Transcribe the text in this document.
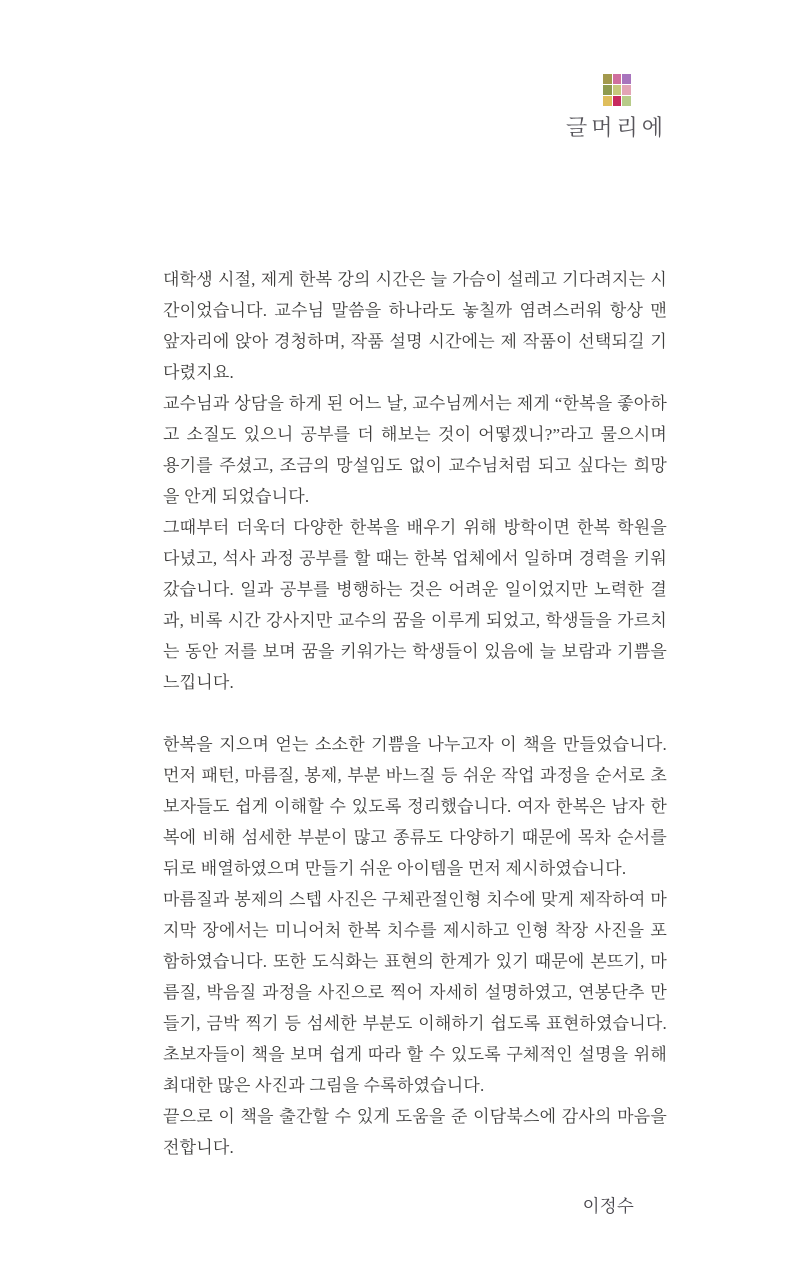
글머리에

대학생 시절, 제게 한복 강의 시간은 늘 가슴이 설레고 기다려지는 시간이었습니다. 교수님 말씀을 하나라도 놓칠까 염려스러워 항상 맨 앞자리에 앉아 경청하며, 작품 설명 시간에는 제 작품이 선택되길 기다렸지요.

교수님과 상담을 하게 된 어느 날, 교수님께서는 제게 “한복을 좋아하고 소질도 있으니 공부를 더 해보는 것이 어떻겠니?”라고 물으시며 용기를 주셨고, 조금의 망설임도 없이 교수님처럼 되고 싶다는 희망을 안게 되었습니다.

그때부터 더욱더 다양한 한복을 배우기 위해 방학이면 한복 학원을 다녔고, 석사 과정 공부를 할 때는 한복 업체에서 일하며 경력을 키워갔습니다. 일과 공부를 병행하는 것은 어려운 일이었지만 노력한 결과, 비록 시간 강사지만 교수의 꿈을 이루게 되었고, 학생들을 가르치는 동안 저를 보며 꿈을 키워가는 학생들이 있음에 늘 보람과 기쁨을 느낍니다.

한복을 지으며 얻는 소소한 기쁨을 나누고자 이 책을 만들었습니다. 먼저 패턴, 마름질, 봉제, 부분 바느질 등 쉬운 작업 과정을 순서로 초보자들도 쉽게 이해할 수 있도록 정리했습니다. 여자 한복은 남자 한복에 비해 섬세한 부분이 많고 종류도 다양하기 때문에 목차 순서를 뒤로 배열하였으며 만들기 쉬운 아이템을 먼저 제시하였습니다.

마름질과 봉제의 스텝 사진은 구체관절인형 치수에 맞게 제작하여 마지막 장에서는 미니어처 한복 치수를 제시하고 인형 착장 사진을 포함하였습니다. 또한 도식화는 표현의 한계가 있기 때문에 본뜨기, 마름질, 박음질 과정을 사진으로 찍어 자세히 설명하였고, 연봉단추 만들기, 금박 찍기 등 섬세한 부분도 이해하기 쉽도록 표현하였습니다. 초보자들이 책을 보며 쉽게 따라 할 수 있도록 구체적인 설명을 위해 최대한 많은 사진과 그림을 수록하였습니다.

끝으로 이 책을 출간할 수 있게 도움을 준 이담북스에 감사의 마음을 전합니다.

이정수
